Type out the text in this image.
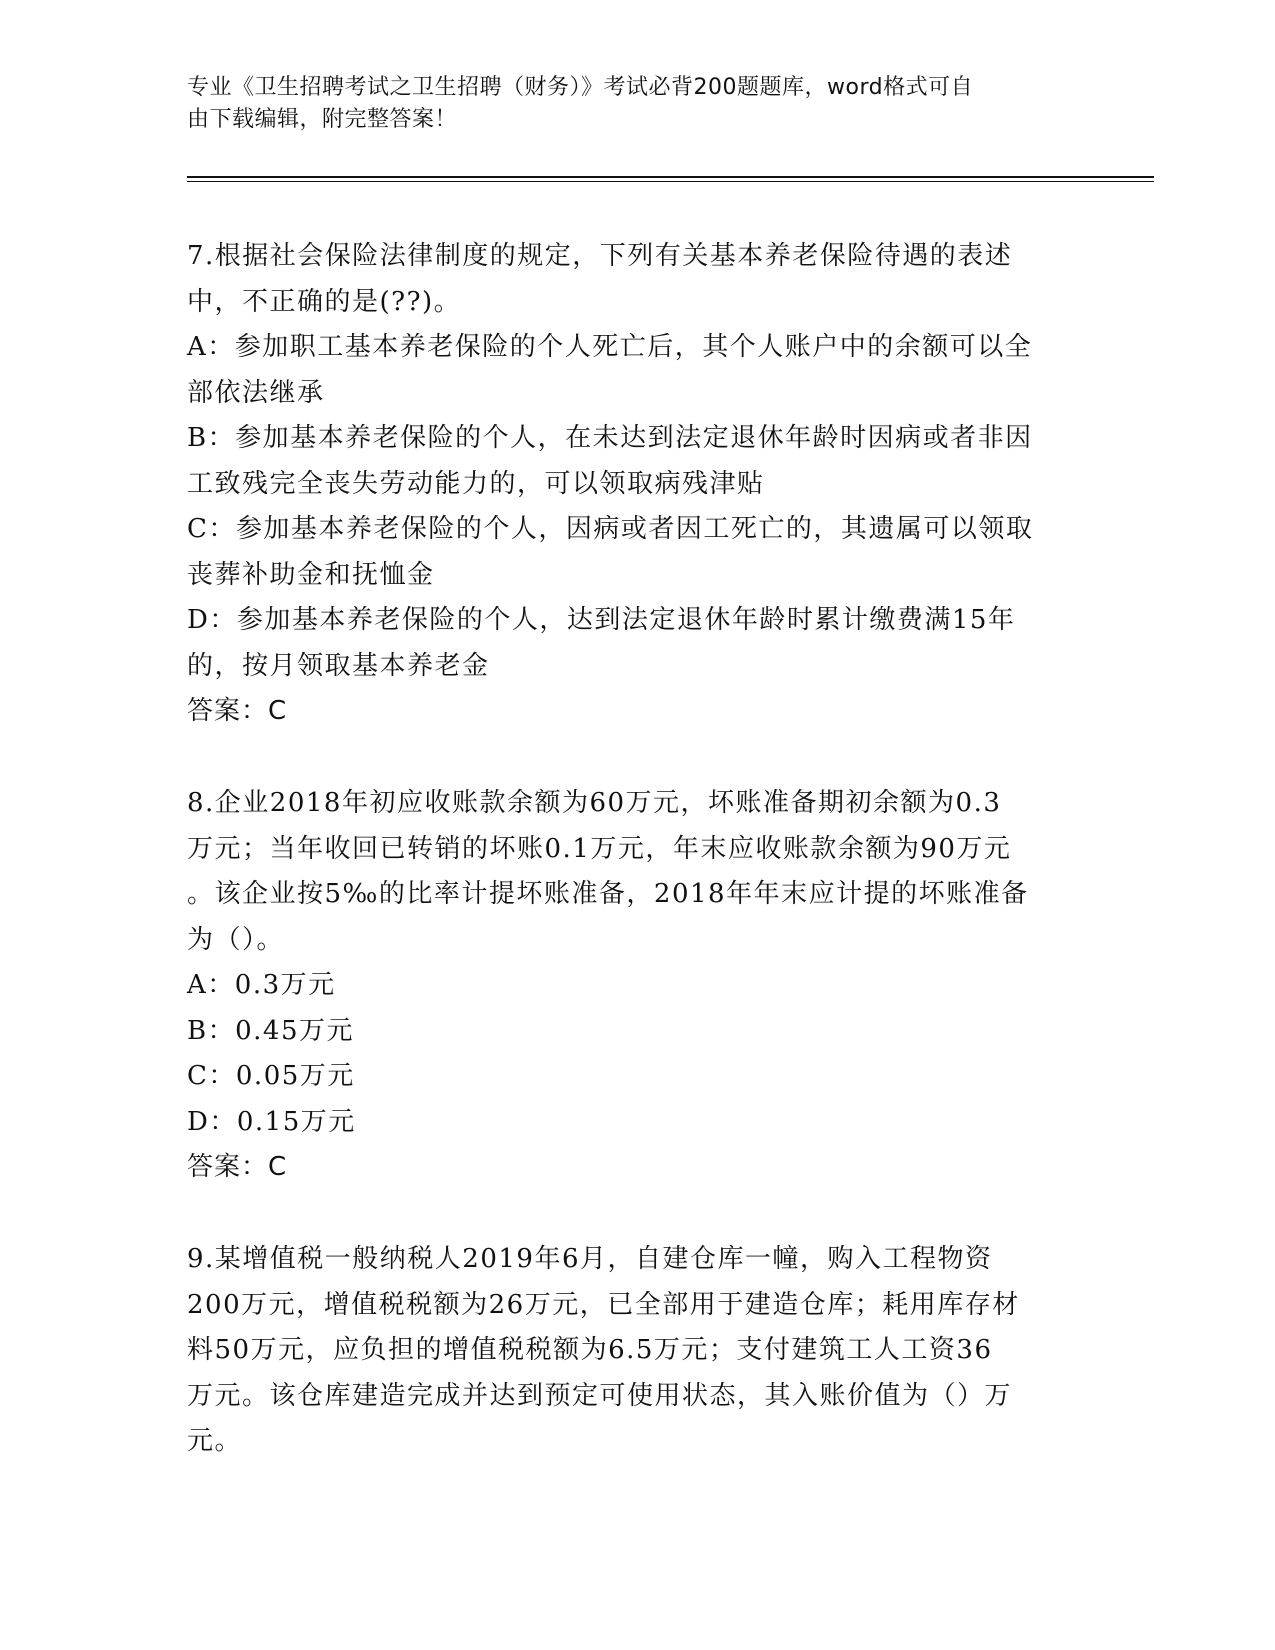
专业《卫生招聘考试之卫生招聘（财务）》考试必背200题题库，word格式可自
由下载编辑，附完整答案！
7.根据社会保险法律制度的规定，下列有关基本养老保险待遇的表述
中，不正确的是(??)。
A：参加职工基本养老保险的个人死亡后，其个人账户中的余额可以全
部依法继承
B：参加基本养老保险的个人，在未达到法定退休年龄时因病或者非因
工致残完全丧失劳动能力的，可以领取病残津贴
C：参加基本养老保险的个人，因病或者因工死亡的，其遗属可以领取
丧葬补助金和抚恤金
D：参加基本养老保险的个人，达到法定退休年龄时累计缴费满15年
的，按月领取基本养老金
答案：C
8.企业2018年初应收账款余额为60万元，坏账准备期初余额为0.3
万元；当年收回已转销的坏账0.1万元，年末应收账款余额为90万元
。该企业按5‰的比率计提坏账准备，2018年年末应计提的坏账准备
为（）。
A：0.3万元
B：0.45万元
C：0.05万元
D：0.15万元
答案：C
9.某增值税一般纳税人2019年6月，自建仓库一幢，购入工程物资
200万元，增值税税额为26万元，已全部用于建造仓库；耗用库存材
料50万元，应负担的增值税税额为6.5万元；支付建筑工人工资36
万元。该仓库建造完成并达到预定可使用状态，其入账价值为（）万
元。
